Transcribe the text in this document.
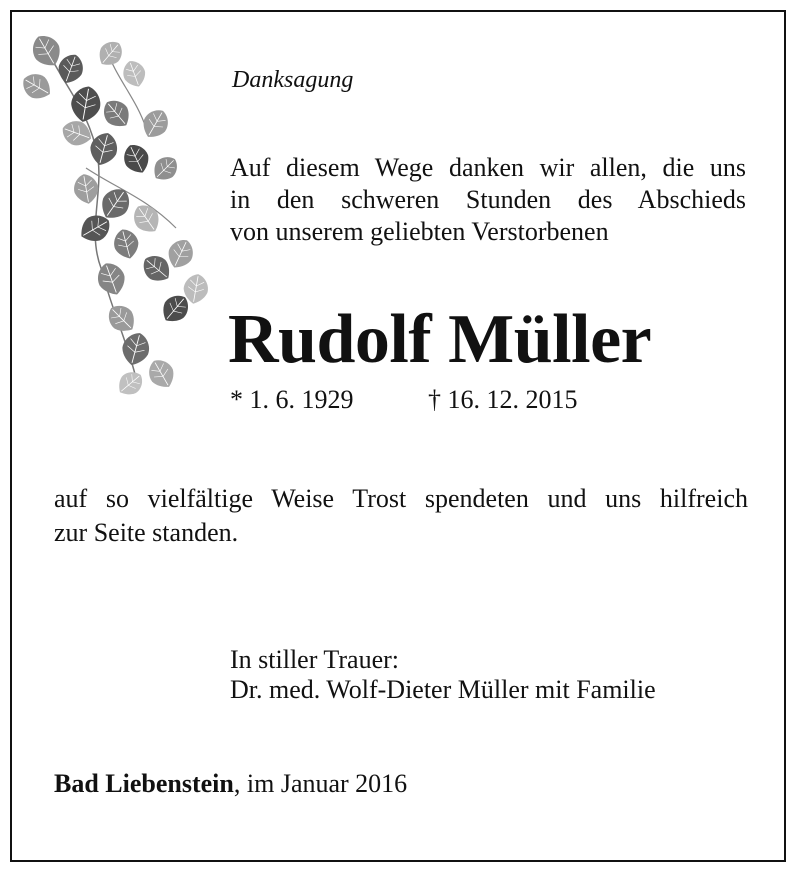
Danksagung
Auf diesem Wege danken wir allen, die uns
in den schweren Stunden des Abschieds
von unserem geliebten Verstorbenen
Rudolf Müller
* 1. 6. 1929	† 16. 12. 2015
auf so vielfältige Weise Trost spendeten und uns hilfreich
zur Seite standen.
In stiller Trauer:
Dr. med. Wolf-Dieter Müller mit Familie
Bad Liebenstein, im Januar 2016
